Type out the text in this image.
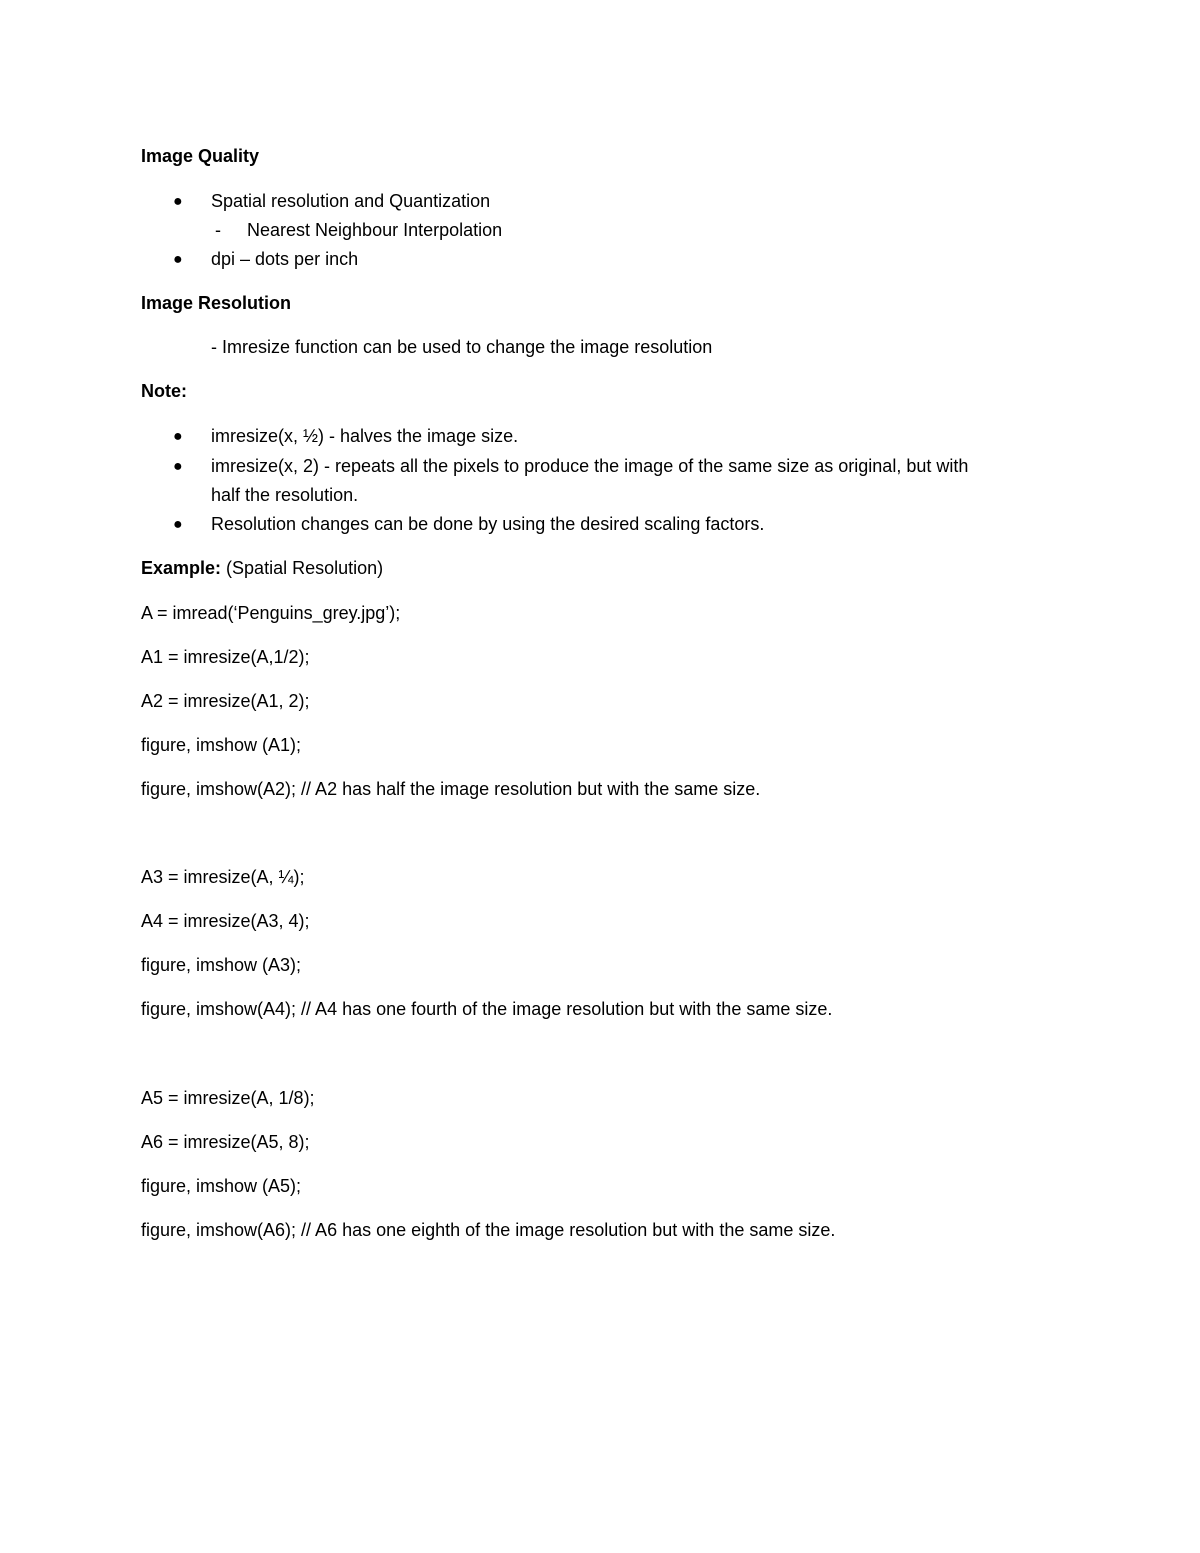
Image Quality
● Spatial resolution and Quantization
- Nearest Neighbour Interpolation
● dpi – dots per inch
Image Resolution
- Imresize function can be used to change the image resolution
Note:
● imresize(x, ½) - halves the image size.
● imresize(x, 2) - repeats all the pixels to produce the image of the same size as original, but with
half the resolution.
● Resolution changes can be done by using the desired scaling factors.
Example: (Spatial Resolution)
A = imread(‘Penguins_grey.jpg’);
A1 = imresize(A,1/2);
A2 = imresize(A1, 2);
figure, imshow (A1);
figure, imshow(A2); // A2 has half the image resolution but with the same size.
A3 = imresize(A, ¼);
A4 = imresize(A3, 4);
figure, imshow (A3);
figure, imshow(A4); // A4 has one fourth of the image resolution but with the same size.
A5 = imresize(A, 1/8);
A6 = imresize(A5, 8);
figure, imshow (A5);
figure, imshow(A6); // A6 has one eighth of the image resolution but with the same size.
